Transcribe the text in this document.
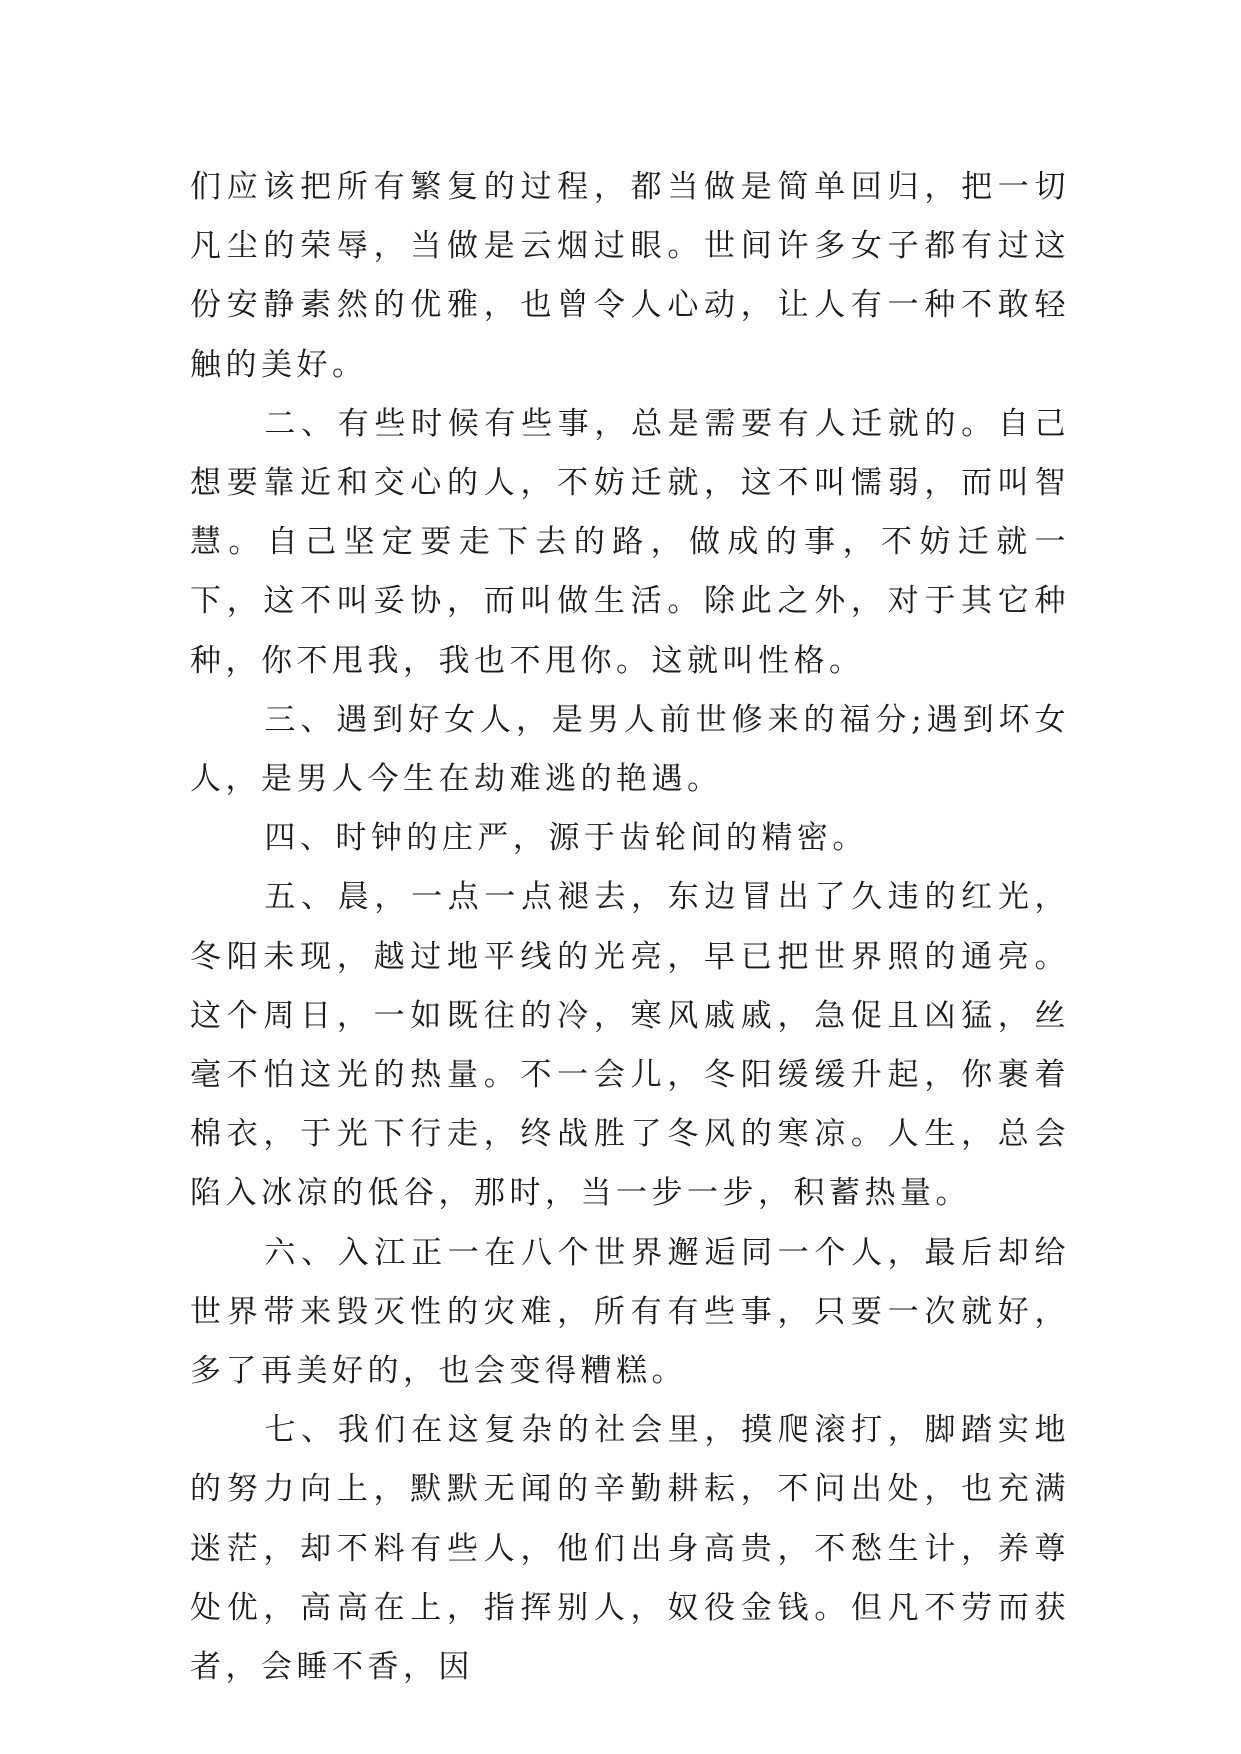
们应该把所有繁复的过程，都当做是简单回归，把一切凡尘的荣辱，当做是云烟过眼。世间许多女子都有过这份安静素然的优雅，也曾令人心动，让人有一种不敢轻触的美好。

二、有些时候有些事，总是需要有人迁就的。自己想要靠近和交心的人，不妨迁就，这不叫懦弱，而叫智慧。自己坚定要走下去的路，做成的事，不妨迁就一下，这不叫妥协，而叫做生活。除此之外，对于其它种种，你不甩我，我也不甩你。这就叫性格。

三、遇到好女人，是男人前世修来的福分;遇到坏女人，是男人今生在劫难逃的艳遇。

四、时钟的庄严，源于齿轮间的精密。

五、晨，一点一点褪去，东边冒出了久违的红光，冬阳未现，越过地平线的光亮，早已把世界照的通亮。这个周日，一如既往的冷，寒风戚戚，急促且凶猛，丝毫不怕这光的热量。不一会儿，冬阳缓缓升起，你裹着棉衣，于光下行走，终战胜了冬风的寒凉。人生，总会陷入冰凉的低谷，那时，当一步一步，积蓄热量。

六、入江正一在八个世界邂逅同一个人，最后却给世界带来毁灭性的灾难，所有有些事，只要一次就好，多了再美好的，也会变得糟糕。

七、我们在这复杂的社会里，摸爬滚打，脚踏实地的努力向上，默默无闻的辛勤耕耘，不问出处，也充满迷茫，却不料有些人，他们出身高贵，不愁生计，养尊处优，高高在上，指挥别人，奴役金钱。但凡不劳而获者，会睡不香，因
